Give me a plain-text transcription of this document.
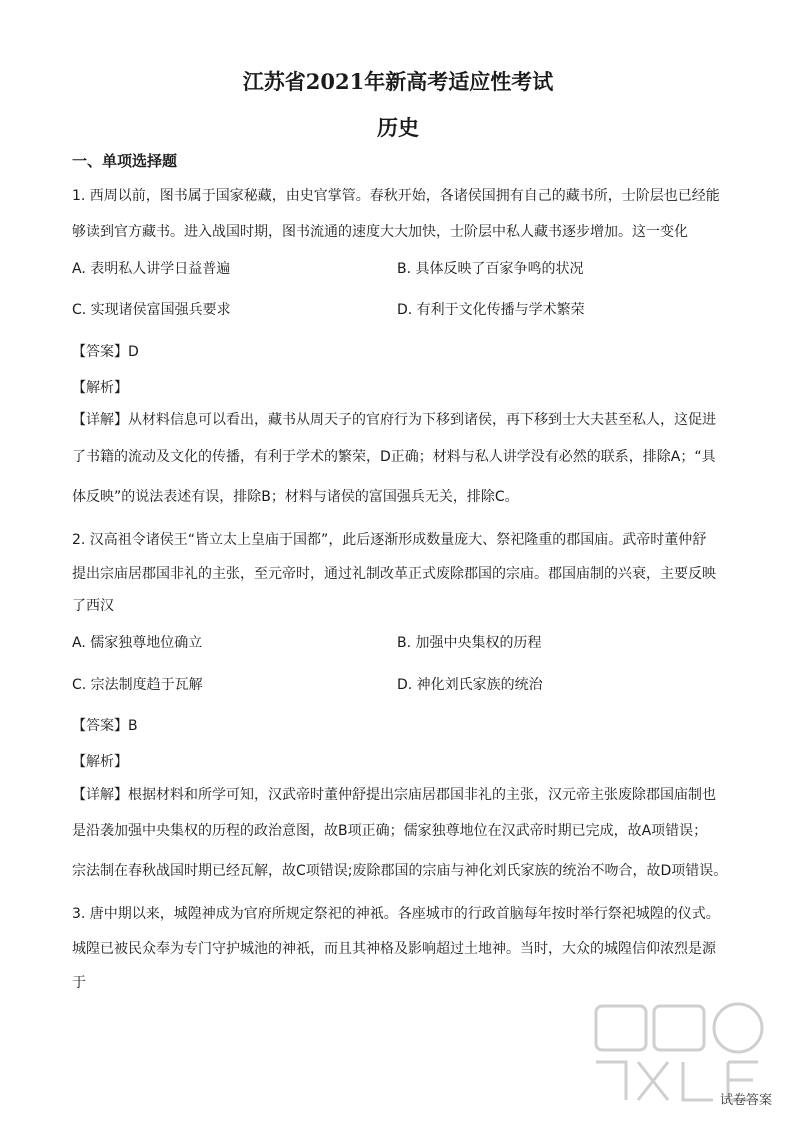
江苏省2021年新高考适应性考试
历史
一、单项选择题
1. 西周以前，图书属于国家秘藏，由史官掌管。春秋开始，各诸侯国拥有自己的藏书所，士阶层也已经能
够读到官方藏书。进入战国时期，图书流通的速度大大加快，士阶层中私人藏书逐步增加。这一变化
A. 表明私人讲学日益普遍	B. 具体反映了百家争鸣的状况
C. 实现诸侯富国强兵要求	D. 有利于文化传播与学术繁荣
【答案】D
【解析】
【详解】从材料信息可以看出，藏书从周天子的官府行为下移到诸侯，再下移到士大夫甚至私人，这促进
了书籍的流动及文化的传播，有利于学术的繁荣，D正确；材料与私人讲学没有必然的联系，排除A；“具
体反映”的说法表述有误，排除B；材料与诸侯的富国强兵无关，排除C。
2. 汉高祖令诸侯王“皆立太上皇庙于国都”，此后逐渐形成数量庞大、祭祀隆重的郡国庙。武帝时董仲舒
提出宗庙居郡国非礼的主张，至元帝时，通过礼制改革正式废除郡国的宗庙。郡国庙制的兴衰，主要反映
了西汉
A. 儒家独尊地位确立	B. 加强中央集权的历程
C. 宗法制度趋于瓦解	D. 神化刘氏家族的统治
【答案】B
【解析】
【详解】根据材料和所学可知，汉武帝时董仲舒提出宗庙居郡国非礼的主张，汉元帝主张废除郡国庙制也
是沿袭加强中央集权的历程的政治意图，故B项正确；儒家独尊地位在汉武帝时期已完成，故A项错误；
宗法制在春秋战国时期已经瓦解，故C项错误;废除郡国的宗庙与神化刘氏家族的统治不吻合，故D项错误。
3. 唐中期以来，城隍神成为官府所规定祭祀的神祇。各座城市的行政首脑每年按时举行祭祀城隍的仪式。
城隍已被民众奉为专门守护城池的神祇，而且其神格及影响超过土地神。当时，大众的城隍信仰浓烈是源
于
试卷答案
